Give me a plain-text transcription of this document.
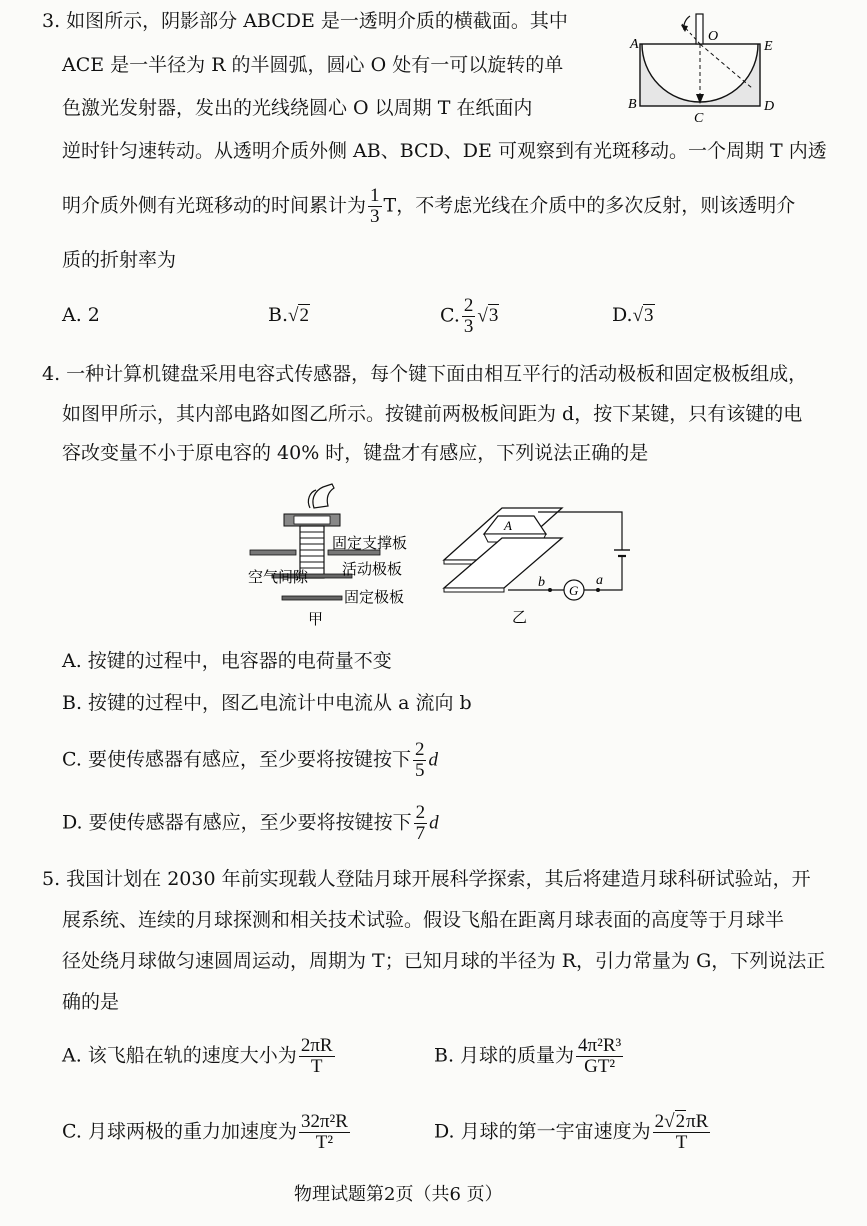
3. 如图所示，阴影部分 ABCDE 是一透明介质的横截面。其中
ACE 是一半径为 R 的半圆弧，圆心 O 处有一可以旋转的单
色激光发射器，发出的光线绕圆心 O 以周期 T 在纸面内
逆时针匀速转动。从透明介质外侧 AB、BCD、DE 可观察到有光斑移动。一个周期 T 内透
明介质外侧有光斑移动的时间累计为 $\frac{1}{3}$ T，不考虑光线在介质中的多次反射，则该透明介
质的折射率为
A. 2	B.√2	C. $\frac{2}{3} √3$	D.√3
A
O
E
B
C
D
4. 一种计算机键盘采用电容式传感器，每个键下面由相互平行的活动极板和固定极板组成，
如图甲所示，其内部电路如图乙所示。按键前两极板间距为 d，按下某键，只有该键的电
容改变量不小于原电容的 40% 时，键盘才有感应，下列说法正确的是
固定支撑板
空气间隙 活动极板
固定极板
甲
A
G
b	a
乙
A. 按键的过程中，电容器的电荷量不变
B. 按键的过程中，图乙电流计中电流从 a 流向 b
C. 要使传感器有感应，至少要将按键按下 $\frac{2}{5}$ d
D. 要使传感器有感应，至少要将按键按下 $\frac{2}{7}$ d
5. 我国计划在 2030 年前实现载人登陆月球开展科学探索，其后将建造月球科研试验站，开
展系统、连续的月球探测和相关技术试验。假设飞船在距离月球表面的高度等于月球半
径处绕月球做匀速圆周运动，周期为 T；已知月球的半径为 R，引力常量为 G，下列说法正
确的是
A. 该飞船在轨的速度大小为 $\frac{2\pi R}{T}$	B. 月球的质量为 $\frac{\text{4π²R³}}{\text{GT²}}$
C. 月球两极的重力加速度为 $\frac{\text{32π²R}}{\text{T²}}$	D. 月球的第一宇宙速度为 $\frac{2√2\pi R}{T}$
物理试题第2页（共6 页）
